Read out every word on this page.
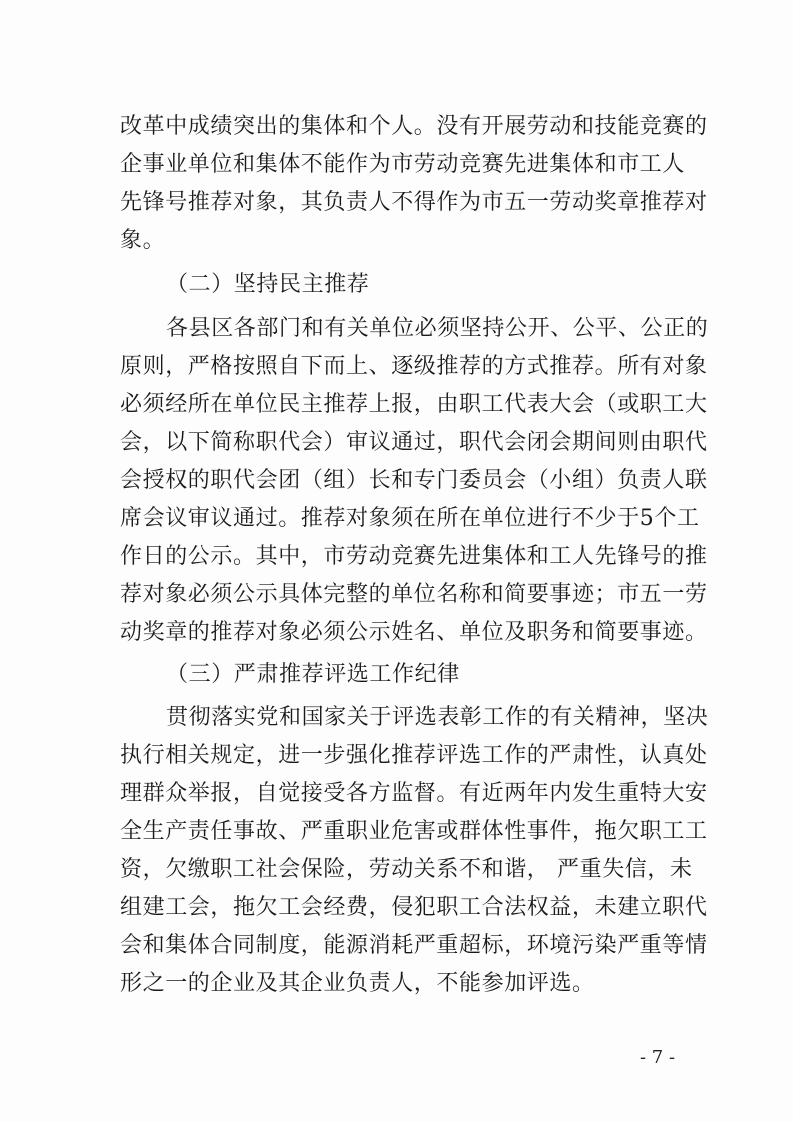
改革中成绩突出的集体和个人。没有开展劳动和技能竞赛的
企事业单位和集体不能作为市劳动竞赛先进集体和市工人
先锋号推荐对象，其负责人不得作为市五一劳动奖章推荐对
象。
（二）坚持民主推荐
各县区各部门和有关单位必须坚持公开、公平、公正的
原则，严格按照自下而上、逐级推荐的方式推荐。所有对象
必须经所在单位民主推荐上报，由职工代表大会（或职工大
会，以下简称职代会）审议通过，职代会闭会期间则由职代
会授权的职代会团（组）长和专门委员会（小组）负责人联
席会议审议通过。推荐对象须在所在单位进行不少于5个工
作日的公示。其中，市劳动竞赛先进集体和工人先锋号的推
荐对象必须公示具体完整的单位名称和简要事迹；市五一劳
动奖章的推荐对象必须公示姓名、单位及职务和简要事迹。
（三）严肃推荐评选工作纪律
贯彻落实党和国家关于评选表彰工作的有关精神，坚决
执行相关规定，进一步强化推荐评选工作的严肃性，认真处
理群众举报，自觉接受各方监督。有近两年内发生重特大安
全生产责任事故、严重职业危害或群体性事件，拖欠职工工
资，欠缴职工社会保险，劳动关系不和谐， 严重失信，未
组建工会，拖欠工会经费，侵犯职工合法权益，未建立职代
会和集体合同制度，能源消耗严重超标，环境污染严重等情
形之一的企业及其企业负责人，不能参加评选。
- 7 -
